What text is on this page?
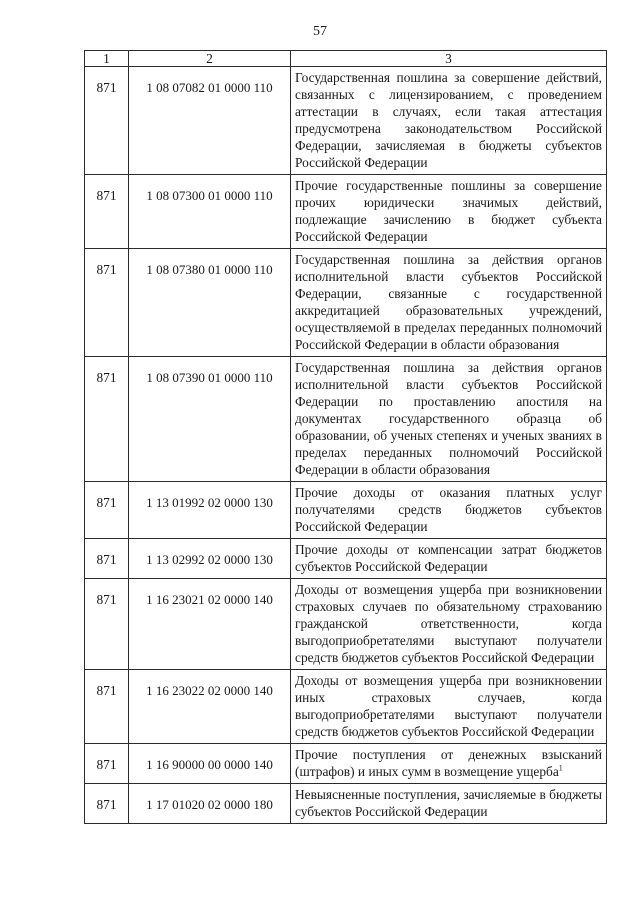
57
1	2	3
871	1 08 07082 01 0000 110	Государственная пошлина за совершение действий, связанных с лицензированием, с проведением аттестации в случаях, если такая аттестация предусмотрена законодательством Российской Федерации, зачисляемая в бюджеты субъектов Российской Федерации
871	1 08 07300 01 0000 110	Прочие государственные пошлины за совершение прочих юридически значимых действий, подлежащие зачислению в бюджет субъекта Российской Федерации
871	1 08 07380 01 0000 110	Государственная пошлина за действия органов исполнительной власти субъектов Российской Федерации, связанные с государственной аккредитацией образовательных учреждений, осуществляемой в пределах переданных полномочий Российской Федерации в области образования
871	1 08 07390 01 0000 110	Государственная пошлина за действия органов исполнительной власти субъектов Российской Федерации по проставлению апостиля на документах государственного образца об образовании, об ученых степенях и ученых званиях в пределах переданных полномочий Российской Федерации в области образования
871	1 13 01992 02 0000 130	Прочие доходы от оказания платных услуг получателями средств бюджетов субъектов Российской Федерации
871	1 13 02992 02 0000 130	Прочие доходы от компенсации затрат бюджетов субъектов Российской Федерации
871	1 16 23021 02 0000 140	Доходы от возмещения ущерба при возникновении страховых случаев по обязательному страхованию гражданской ответственности, когда выгодоприобретателями выступают получатели средств бюджетов субъектов Российской Федерации
871	1 16 23022 02 0000 140	Доходы от возмещения ущерба при возникновении иных страховых случаев, когда выгодоприобретателями выступают получатели средств бюджетов субъектов Российской Федерации
871	1 16 90000 00 0000 140	Прочие поступления от денежных взысканий (штрафов) и иных сумм в возмещение ущерба$^1$
871	1 17 01020 02 0000 180	Невыясненные поступления, зачисляемые в бюджеты субъектов Российской Федерации
